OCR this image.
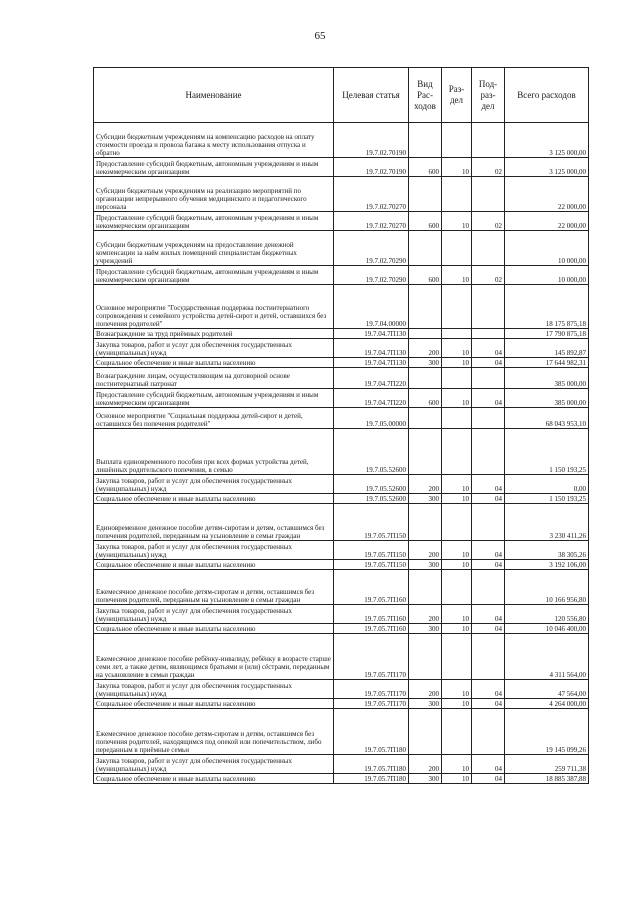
65
Наименование	Целевая статья	Вид Рас-ходов	Раз-дел	Под-раз-дел	Всего расходов
Субсидии бюджетным учреждениям на компенсацию расходов на оплату стоимости проезда и провоза багажа к месту использования отпуска и обратно	19.7.02.70190				3 125 000,00
Предоставление субсидий бюджетным, автономным учреждениям и иным некоммерческим организациям	19.7.02.70190	600	10	02	3 125 000,00
Субсидии бюджетным учреждениям на реализацию мероприятий по организации непрерывного обучения медицинского и педагогического персонала	19.7.02.70270				22 000,00
Предоставление субсидий бюджетным, автономным учреждениям и иным некоммерческим организациям	19.7.02.70270	600	10	02	22 000,00
Субсидии бюджетным учреждениям на предоставление денежной компенсации за наём жилых помещений специалистам бюджетных учреждений	19.7.02.70290				10 000,00
Предоставление субсидий бюджетным, автономным учреждениям и иным некоммерческим организациям	19.7.02.70290	600	10	02	10 000,00
Основное мероприятие "Государственная поддержка постинтернатного сопровождения и семейного устройства детей-сирот и детей, оставшихся без попечения родителей"	19.7.04.00000				18 175 875,18
Вознаграждение за труд приёмных родителей	19.7.04.7П130				17 790 875,18
Закупка товаров, работ и услуг для обеспечения государственных (муниципальных) нужд	19.7.04.7П130	200	10	04	145 892,87
Социальное обеспечение и иные выплаты населению	19.7.04.7П130	300	10	04	17 644 982,31
Вознаграждение лицам, осуществляющим на договорной основе постинтернатный патронат	19.7.04.7П220				385 000,00
Предоставление субсидий бюджетным, автономным учреждениям и иным некоммерческим организациям	19.7.04.7П220	600	10	04	385 000,00
Основное мероприятие "Социальная поддержка детей-сирот и детей, оставшихся без попечения родителей"	19.7.05.00000				68 043 953,10
Выплата единовременного пособия при всех формах устройства детей, лишённых родительского попечения, в семью	19.7.05.52600				1 150 193,25
Закупка товаров, работ и услуг для обеспечения государственных (муниципальных) нужд	19.7.05.52600	200	10	04	0,00
Социальное обеспечение и иные выплаты населению	19.7.05.52600	300	10	04	1 150 193,25
Единовременное денежное пособие детям-сиротам и детям, оставшимся без попечения родителей, переданным на усыновление в семьи граждан	19.7.05.7П150				3 230 411,26
Закупка товаров, работ и услуг для обеспечения государственных (муниципальных) нужд	19.7.05.7П150	200	10	04	38 305,26
Социальное обеспечение и иные выплаты населению	19.7.05.7П150	300	10	04	3 192 106,00
Ежемесячное денежное пособие детям-сиротам и детям, оставшимся без попечения родителей, переданным на усыновление в семьи граждан	19.7.05.7П160				10 166 956,80
Закупка товаров, работ и услуг для обеспечения государственных (муниципальных) нужд	19.7.05.7П160	200	10	04	120 556,80
Социальное обеспечение и иные выплаты населению	19.7.05.7П160	300	10	04	10 046 400,00
Ежемесячное денежное пособие ребёнку-инвалиду, ребёнку в возрасте старше семи лет, а также детям, являющимся братьями и (или) сёстрами, переданным на усыновление в семьи граждан	19.7.05.7П170				4 311 564,00
Закупка товаров, работ и услуг для обеспечения государственных (муниципальных) нужд	19.7.05.7П170	200	10	04	47 564,00
Социальное обеспечение и иные выплаты населению	19.7.05.7П170	300	10	04	4 264 000,00
Ежемесячное денежное пособие детям-сиротам и детям, оставшимся без попечения родителей, находящимся под опекой или попечительством, либо переданным в приёмные семьи	19.7.05.7П180				19 145 099,26
Закупка товаров, работ и услуг для обеспечения государственных (муниципальных) нужд	19.7.05.7П180	200	10	04	259 711,38
Социальное обеспечение и иные выплаты населению	19.7.05.7П180	300	10	04	18 885 387,88
